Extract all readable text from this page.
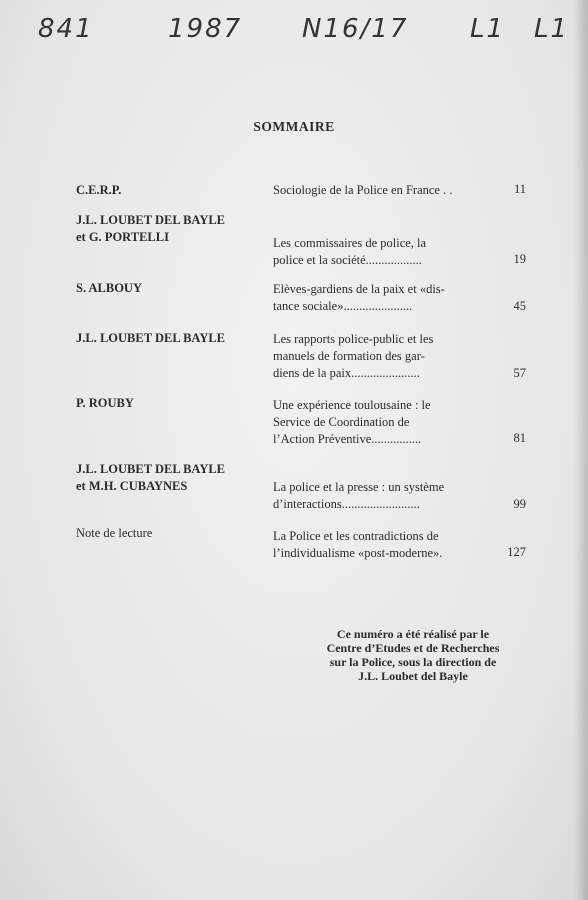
841	1987 N16/17 L1 L1
SOMMAIRE
C.E.R.P.	Sociologie de la Police en France . .	11
J.L. LOUBET DEL BAYLE
et G. PORTELLI	Les commissaires de police, la
police et la société..................	19
S. ALBOUY	Elèves-gardiens de la paix et «dis-
tance sociale»......................	45
J.L. LOUBET DEL BAYLE	Les rapports police-public et les
manuels de formation des gar-
diens de la paix......................	57
P. ROUBY	Une expérience toulousaine : le
Service de Coordination de
l’Action Préventive................	81
J.L. LOUBET DEL BAYLE
et M.H. CUBAYNES	La police et la presse : un système
d’interactions.........................	99
Note de lecture	La Police et les contradictions de
l’individualisme «post-moderne».	127
Ce numéro a été réalisé par le
Centre d’Etudes et de Recherches
sur la Police, sous la direction de
J.L. Loubet del Bayle
